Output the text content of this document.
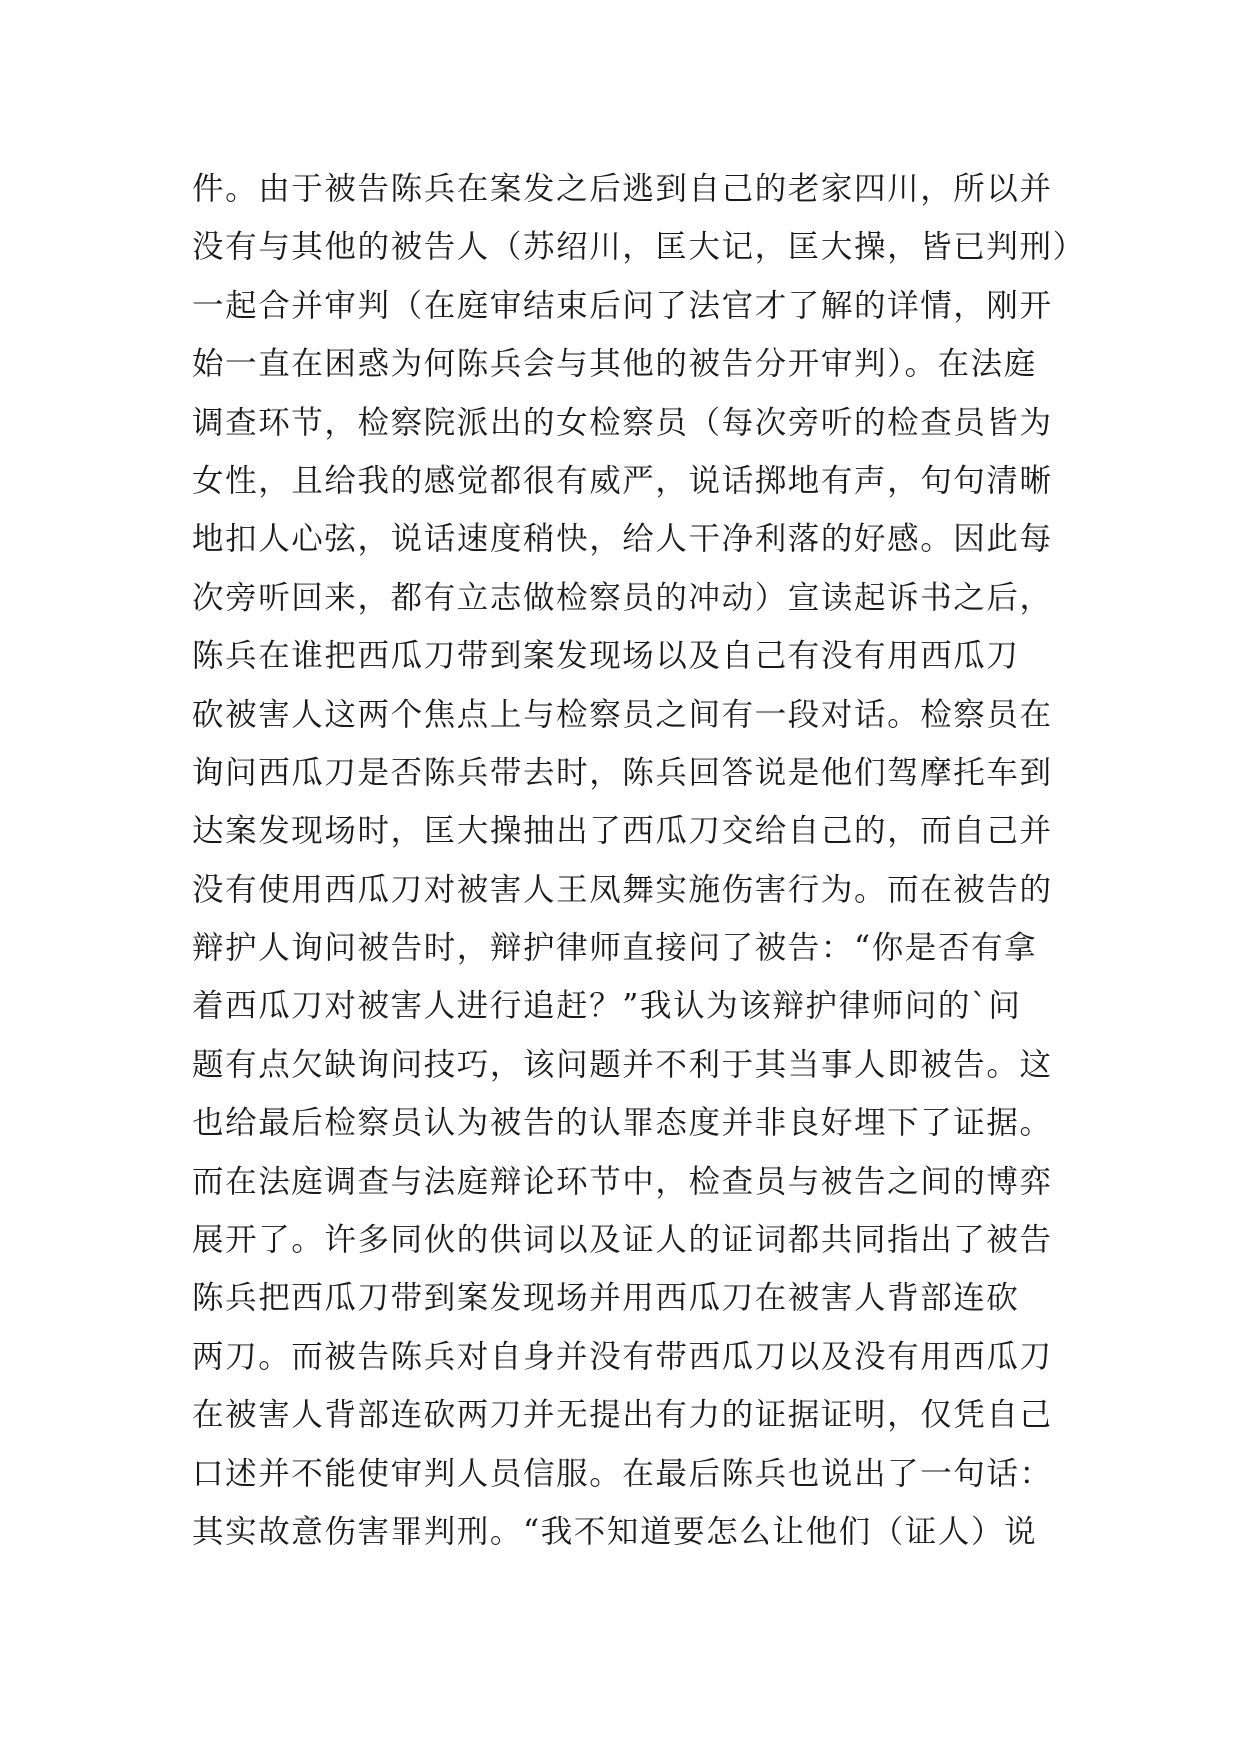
件。由于被告陈兵在案发之后逃到自己的老家四川，所以并
没有与其他的被告人（苏绍川，匡大记，匡大操，皆已判刑）
一起合并审判（在庭审结束后问了法官才了解的详情，刚开
始一直在困惑为何陈兵会与其他的被告分开审判）。在法庭
调查环节，检察院派出的女检察员（每次旁听的检查员皆为
女性，且给我的感觉都很有威严，说话掷地有声，句句清晰
地扣人心弦，说话速度稍快，给人干净利落的好感。因此每
次旁听回来，都有立志做检察员的冲动）宣读起诉书之后，
陈兵在谁把西瓜刀带到案发现场以及自己有没有用西瓜刀
砍被害人这两个焦点上与检察员之间有一段对话。检察员在
询问西瓜刀是否陈兵带去时，陈兵回答说是他们驾摩托车到
达案发现场时，匡大操抽出了西瓜刀交给自己的，而自己并
没有使用西瓜刀对被害人王凤舞实施伤害行为。而在被告的
辩护人询问被告时，辩护律师直接问了被告：“你是否有拿
着西瓜刀对被害人进行追赶？”我认为该辩护律师问的`问
题有点欠缺询问技巧，该问题并不利于其当事人即被告。这
也给最后检察员认为被告的认罪态度并非良好埋下了证据。
而在法庭调查与法庭辩论环节中，检查员与被告之间的博弈
展开了。许多同伙的供词以及证人的证词都共同指出了被告
陈兵把西瓜刀带到案发现场并用西瓜刀在被害人背部连砍
两刀。而被告陈兵对自身并没有带西瓜刀以及没有用西瓜刀
在被害人背部连砍两刀并无提出有力的证据证明，仅凭自己
口述并不能使审判人员信服。在最后陈兵也说出了一句话：
其实故意伤害罪判刑。“我不知道要怎么让他们（证人）说
